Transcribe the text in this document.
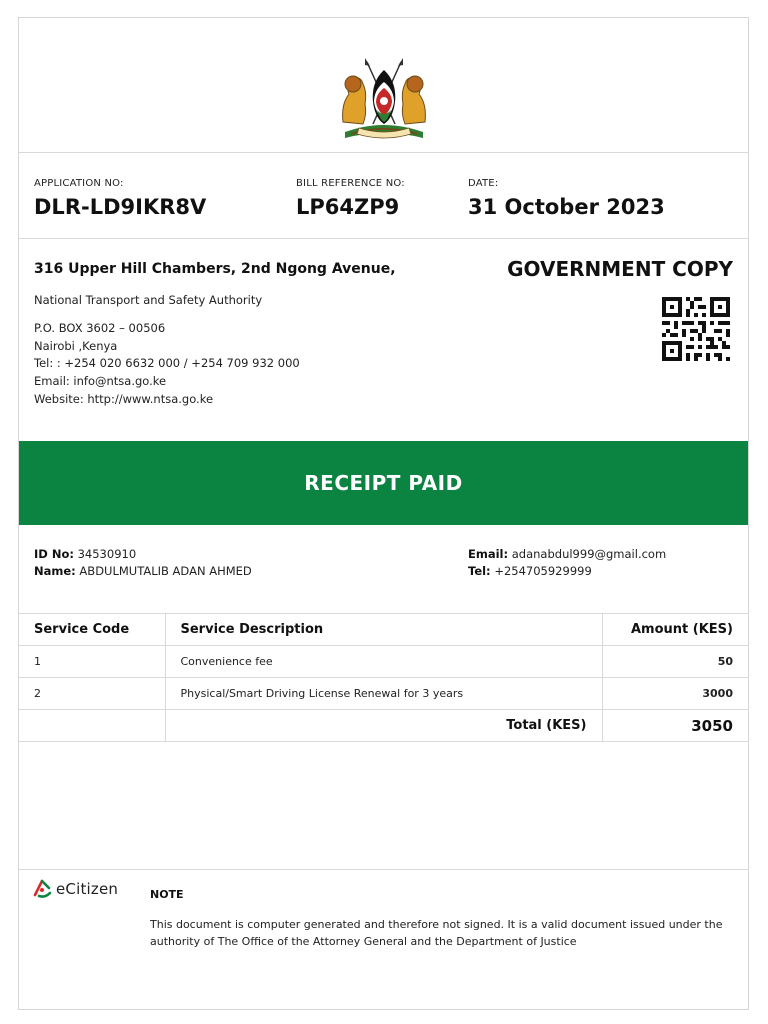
APPLICATION NO:
DLR-LD9IKR8V
BILL REFERENCE NO:
LP64ZP9
DATE:
31 October 2023
316 Upper Hill Chambers, 2nd Ngong Avenue,	GOVERNMENT COPY
National Transport and Safety Authority
P.O. BOX 3602 – 00506
Nairobi ,Kenya
Tel: : +254 020 6632 000 / +254 709 932 000
Email: info@ntsa.go.ke
Website: http://www.ntsa.go.ke
RECEIPT PAID
ID No: 34530910
Name: ABDULMUTALIB ADAN AHMED
Email: adanabdul999@gmail.com
Tel: +254705929999
Service Code	Service Description	Amount (KES)
1	Convenience fee	50
2	Physical/Smart Driving License Renewal for 3 years	3000
	Total (KES)	3050
eCitizen	NOTE
This document is computer generated and therefore not signed. It is a valid document issued under the authority of The Office of the Attorney General and the Department of Justice
